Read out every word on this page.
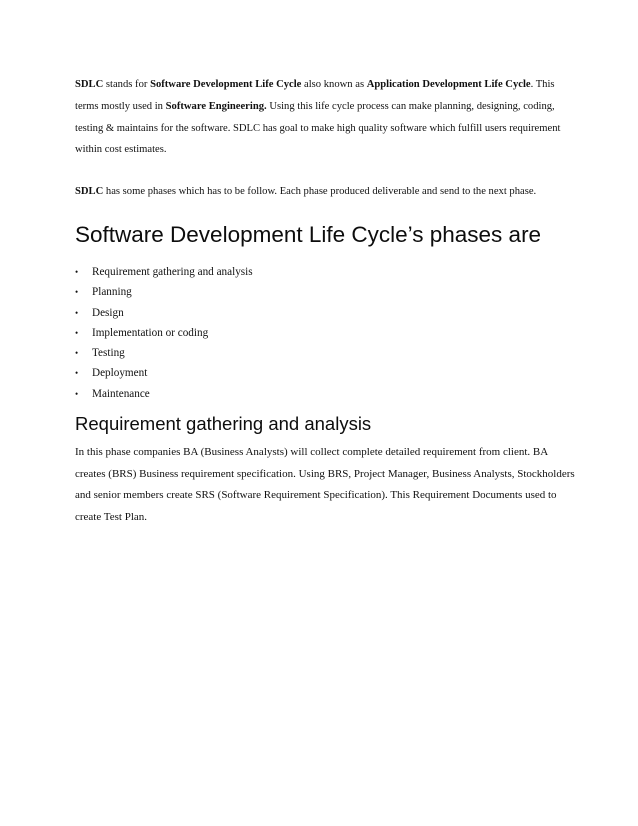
SDLC stands for Software Development Life Cycle also known as Application Development Life Cycle. This terms mostly used in Software Engineering. Using this life cycle process can make planning, designing, coding, testing & maintains for the software. SDLC has goal to make high quality software which fulfill users requirement within cost estimates.

SDLC has some phases which has to be follow. Each phase produced deliverable and send to the next phase.

Software Development Life Cycle’s phases are
•	Requirement gathering and analysis
•	Planning
•	Design
•	Implementation or coding
•	Testing
•	Deployment
•	Maintenance
Requirement gathering and analysis

In this phase companies BA (Business Analysts) will collect complete detailed requirement from client. BA creates (BRS) Business requirement specification. Using BRS, Project Manager, Business Analysts, Stockholders and senior members create SRS (Software Requirement Specification). This Requirement Documents used to create Test Plan.
